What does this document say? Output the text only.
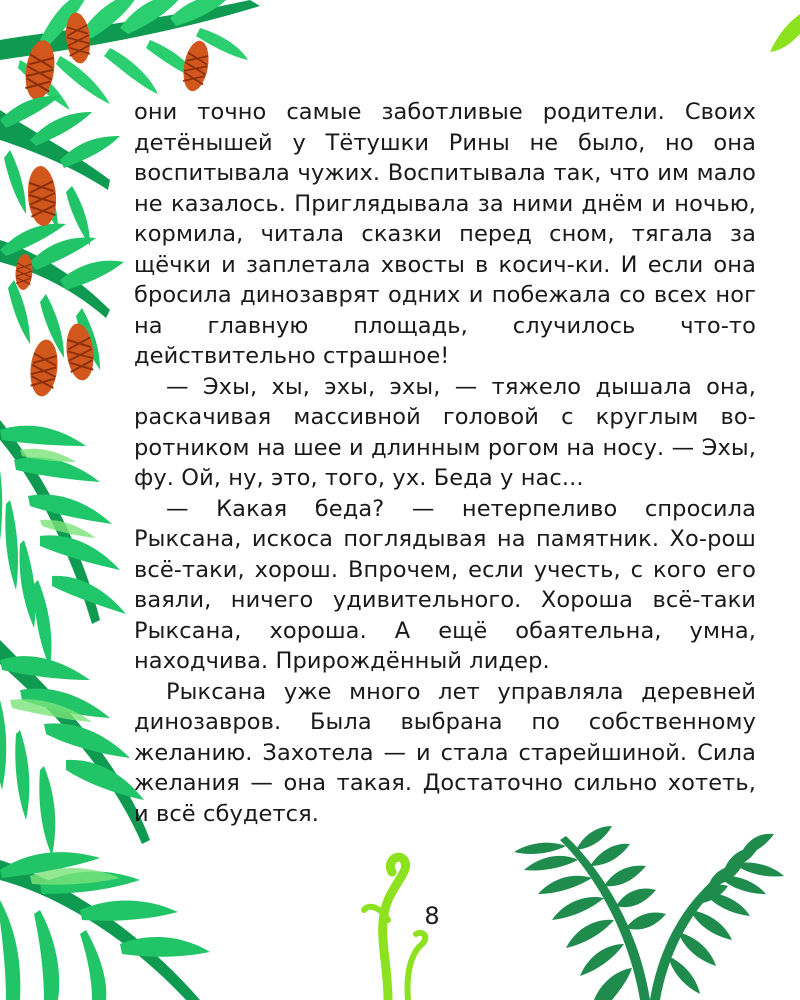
они точно самые заботливые родители. Своих детёнышей у Тётушки Рины не было, но она воспитывала чужих. Воспитывала так, что им мало не казалось. Приглядывала за ними днём и ночью, кормила, читала сказки перед сном, тягала за щёчки и заплетала хвосты в косич-ки. И если она бросила динозаврят одних и побежала со всех ног на главную площадь, случилось что-то действительно страшное!

— Эхы, хы, эхы, эхы, — тяжело дышала она, раскачивая массивной головой с круглым во-ротником на шее и длинным рогом на носу. — Эхы, фу. Ой, ну, это, того, ух. Беда у нас...

— Какая беда? — нетерпеливо спросила Рыксана, искоса поглядывая на памятник. Хо-рош всё-таки, хорош. Впрочем, если учесть, с кого его ваяли, ничего удивительного. Хороша всё-таки Рыксана, хороша. А ещё обаятельна, умна, находчива. Прирождённый лидер.

Рыксана уже много лет управляла деревней динозавров. Была выбрана по собственному желанию. Захотела — и стала старейшиной. Сила желания — она такая. Достаточно сильно хотеть, и всё сбудется.

8
